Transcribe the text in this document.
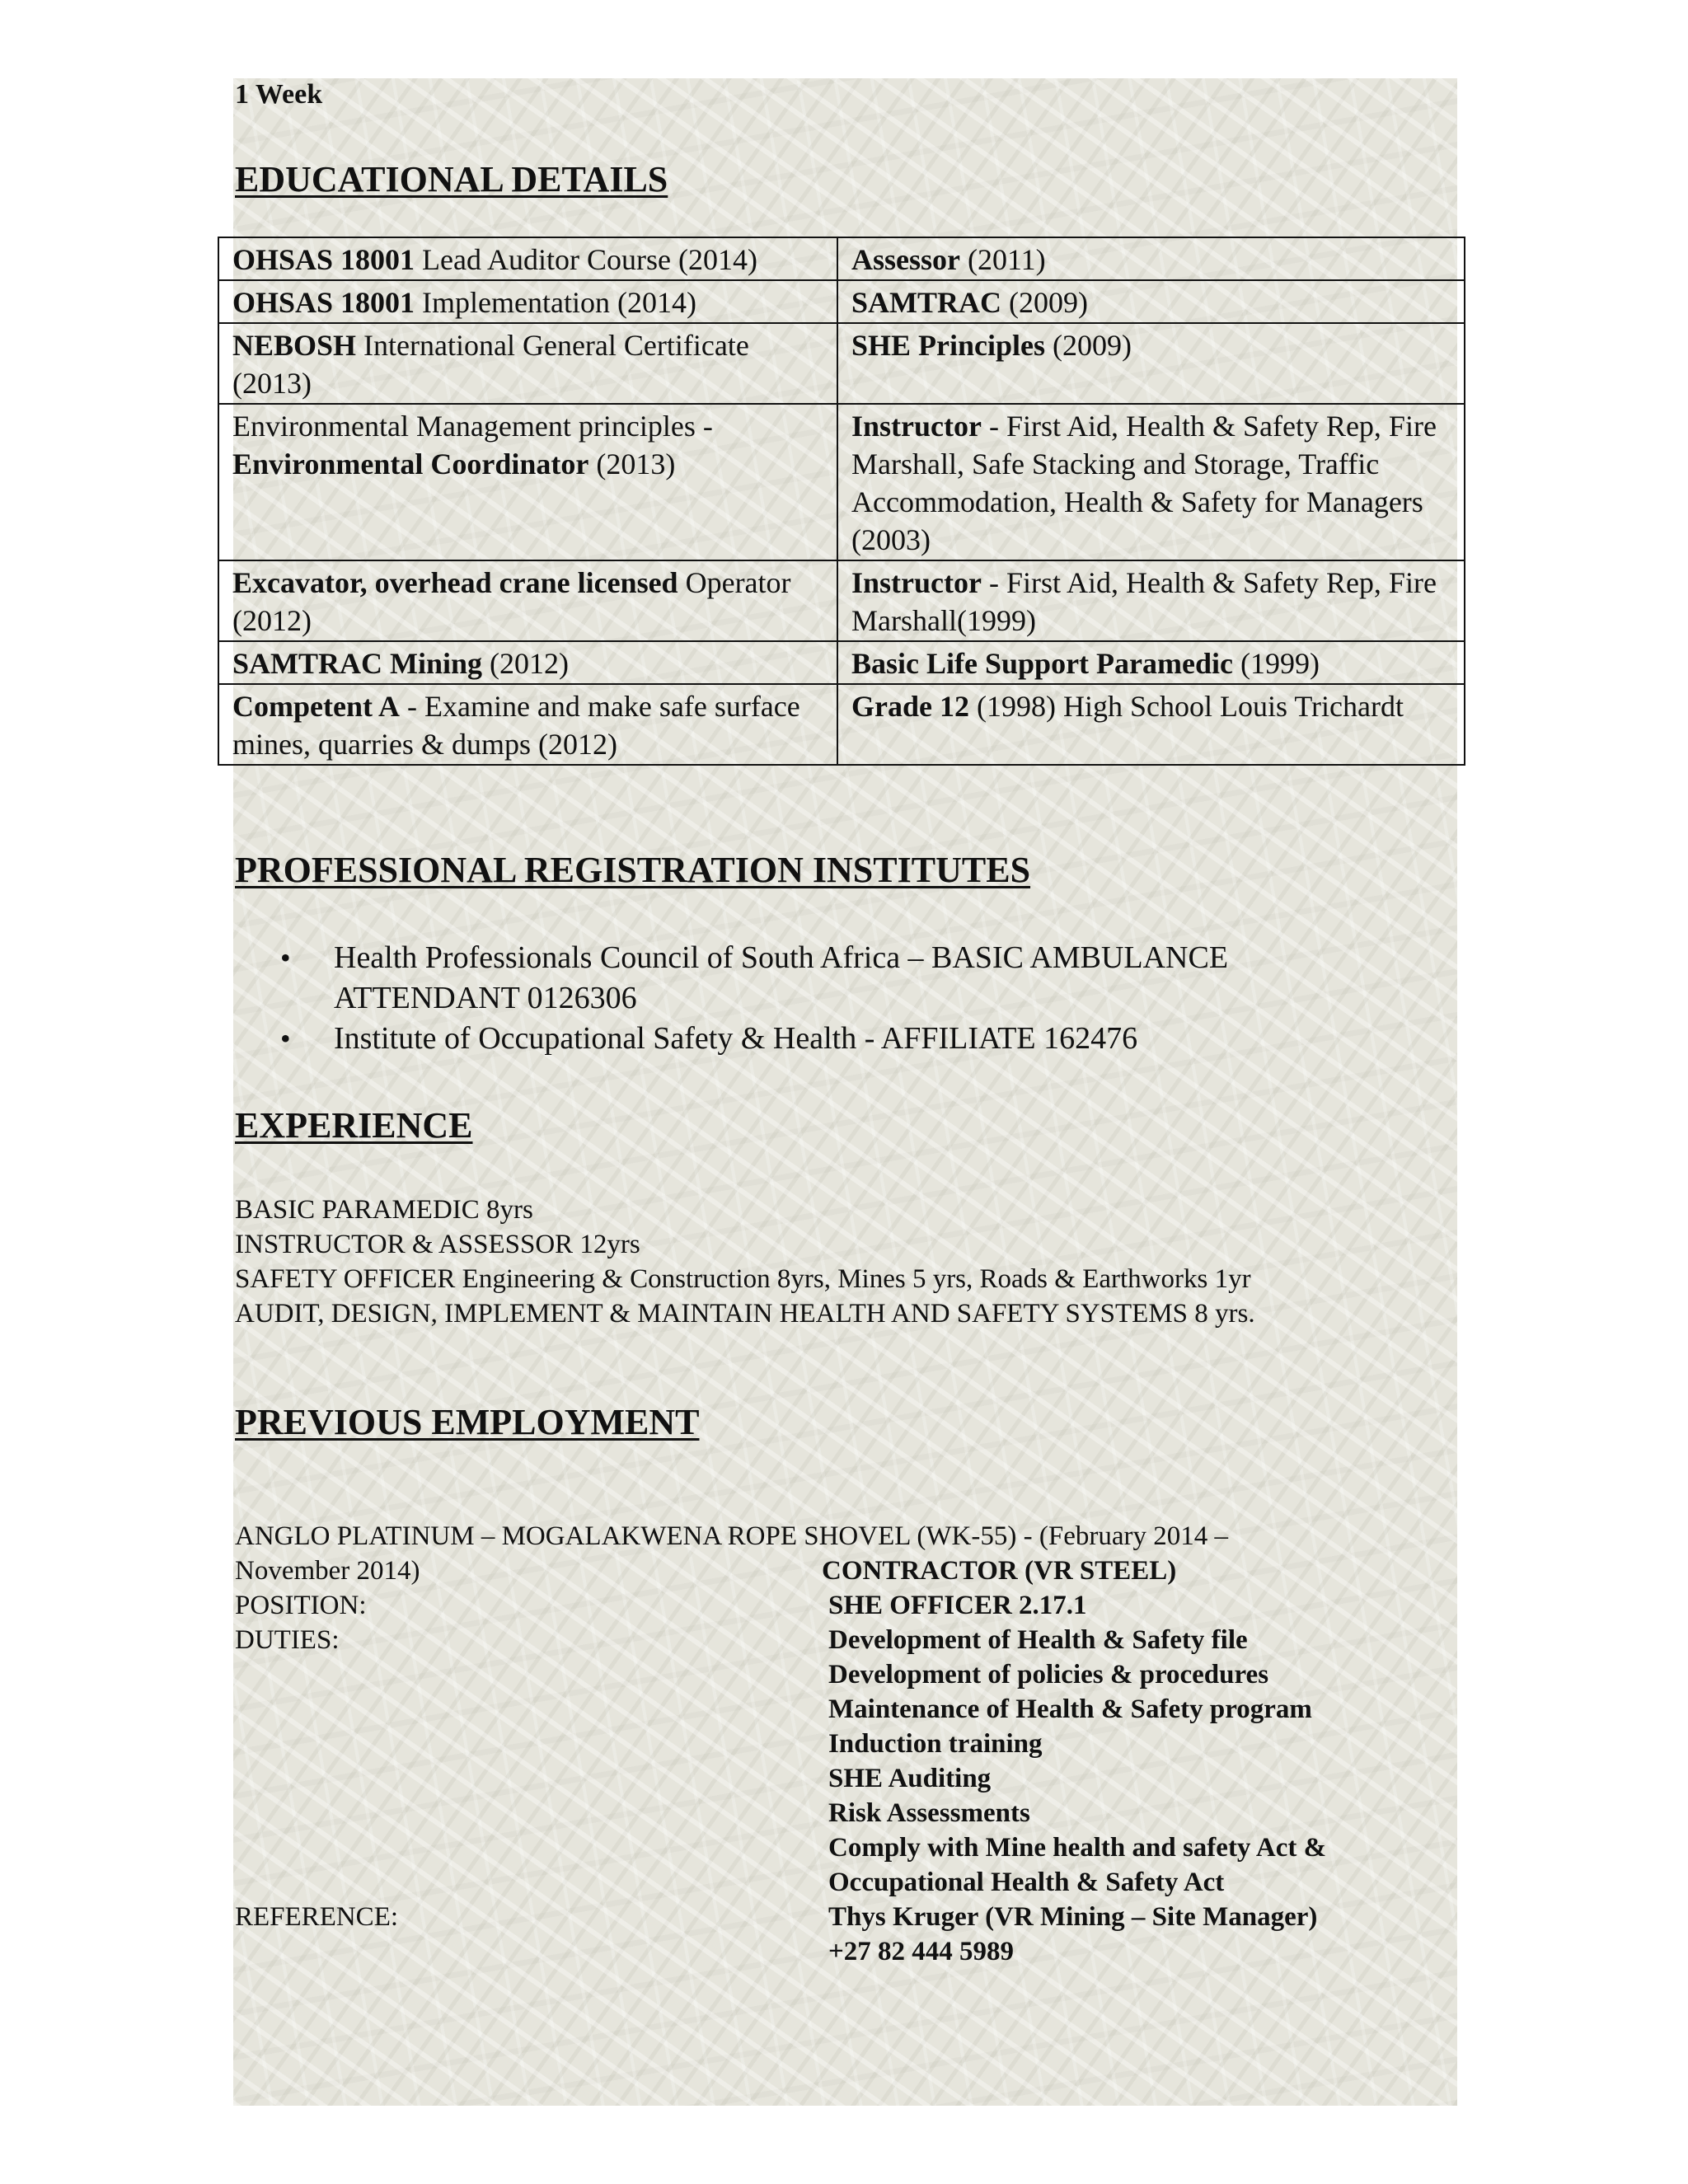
1 Week
EDUCATIONAL DETAILS
OHSAS 18001 Lead Auditor Course (2014)	Assessor (2011)
OHSAS 18001 Implementation (2014)	SAMTRAC (2009)
NEBOSH International General Certificate (2013)	SHE Principles (2009)
Environmental Management principles - Environmental Coordinator (2013)	Instructor - First Aid, Health & Safety Rep, Fire Marshall, Safe Stacking and Storage, Traffic Accommodation, Health & Safety for Managers (2003)
Excavator, overhead crane licensed Operator (2012)	Instructor - First Aid, Health & Safety Rep, Fire Marshall(1999)
SAMTRAC Mining (2012)	Basic Life Support Paramedic (1999)
Competent A - Examine and make safe surface mines, quarries & dumps (2012)	Grade 12 (1998) High School Louis Trichardt
PROFESSIONAL REGISTRATION INSTITUTES
• Health Professionals Council of South Africa – BASIC AMBULANCE ATTENDANT 0126306
• Institute of Occupational Safety & Health - AFFILIATE 162476
EXPERIENCE
BASIC PARAMEDIC 8yrs
INSTRUCTOR & ASSESSOR 12yrs
SAFETY OFFICER Engineering & Construction 8yrs, Mines 5 yrs, Roads & Earthworks 1yr
AUDIT, DESIGN, IMPLEMENT & MAINTAIN HEALTH AND SAFETY SYSTEMS 8 yrs.
PREVIOUS EMPLOYMENT
ANGLO PLATINUM – MOGALAKWENA ROPE SHOVEL (WK-55) - (February 2014 –
November 2014)	CONTRACTOR (VR STEEL)
POSITION:	SHE OFFICER 2.17.1
DUTIES:	Development of Health & Safety file
Development of policies & procedures
Maintenance of Health & Safety program
Induction training
SHE Auditing
Risk Assessments
Comply with Mine health and safety Act &
Occupational Health & Safety Act
REFERENCE:	Thys Kruger (VR Mining – Site Manager)
+27 82 444 5989
